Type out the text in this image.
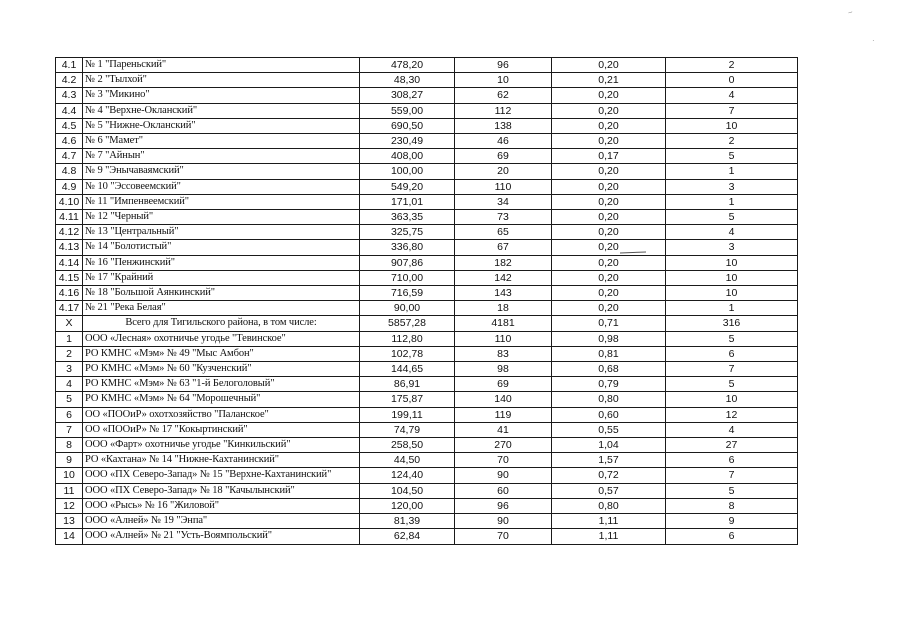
~
·
4.1	№ 1 "Пареньский"	478,20	96	0,20	2
4.2	№ 2 "Тылхой"	48,30	10	0,21	0
4.3	№ 3 "Микино"	308,27	62	0,20	4
4.4	№ 4 "Верхне-Окланский"	559,00	112	0,20	7
4.5	№ 5 "Нижне-Окланский"	690,50	138	0,20	10
4.6	№ 6 "Мамет"	230,49	46	0,20	2
4.7	№ 7 "Айнын"	408,00	69	0,17	5
4.8	№ 9 "Энычаваямский"	100,00	20	0,20	1
4.9	№ 10 "Эссовеемский"	549,20	110	0,20	3
4.10	№ 11 "Импенвеемский"	171,01	34	0,20	1
4.11	№ 12 "Черный"	363,35	73	0,20	5
4.12	№ 13 "Центральный"	325,75	65	0,20	4
4.13	№ 14 "Болотистый"	336,80	67	0,20	3
4.14	№ 16 "Пенжинский"	907,86	182	0,20	10
4.15	№ 17 "Крайний	710,00	142	0,20	10
4.16	№ 18 "Большой Аянкинский"	716,59	143	0,20	10
4.17	№ 21 "Река Белая"	90,00	18	0,20	1
X	Всего для Тигильского района, в том числе:	5857,28	4181	0,71	316
1	ООО «Лесная» охотничье угодье "Тевинское"	112,80	110	0,98	5
2	РО КМНС «Мэм» № 49 "Мыс Амбон"	102,78	83	0,81	6
3	РО КМНС «Мэм» № 60 "Кузченский"	144,65	98	0,68	7
4	РО КМНС «Мэм» № 63 "1-й Белоголовый"	86,91	69	0,79	5
5	РО КМНС «Мэм» № 64 "Морошечный"	175,87	140	0,80	10
6	ОО «ПООиР» охотхозяйство "Паланское"	199,11	119	0,60	12
7	ОО «ПООиР» № 17 "Кокыртинский"	74,79	41	0,55	4
8	ООО «Фарт» охотничье угодье "Кинкильский"	258,50	270	1,04	27
9	РО «Кахтана» № 14 "Нижне-Кахтанинский"	44,50	70	1,57	6
10	ООО «ПХ Северо-Запад» № 15 "Верхне-Кахтанинский"	124,40	90	0,72	7
11	ООО «ПХ Северо-Запад» № 18 "Качылынский"	104,50	60	0,57	5
12	ООО «Рысь» № 16 "Жиловой"	120,00	96	0,80	8
13	ООО «Алней» № 19 "Энпа"	81,39	90	1,11	9
14	ООО «Алней» № 21 "Усть-Воямпольский"	62,84	70	1,11	6
